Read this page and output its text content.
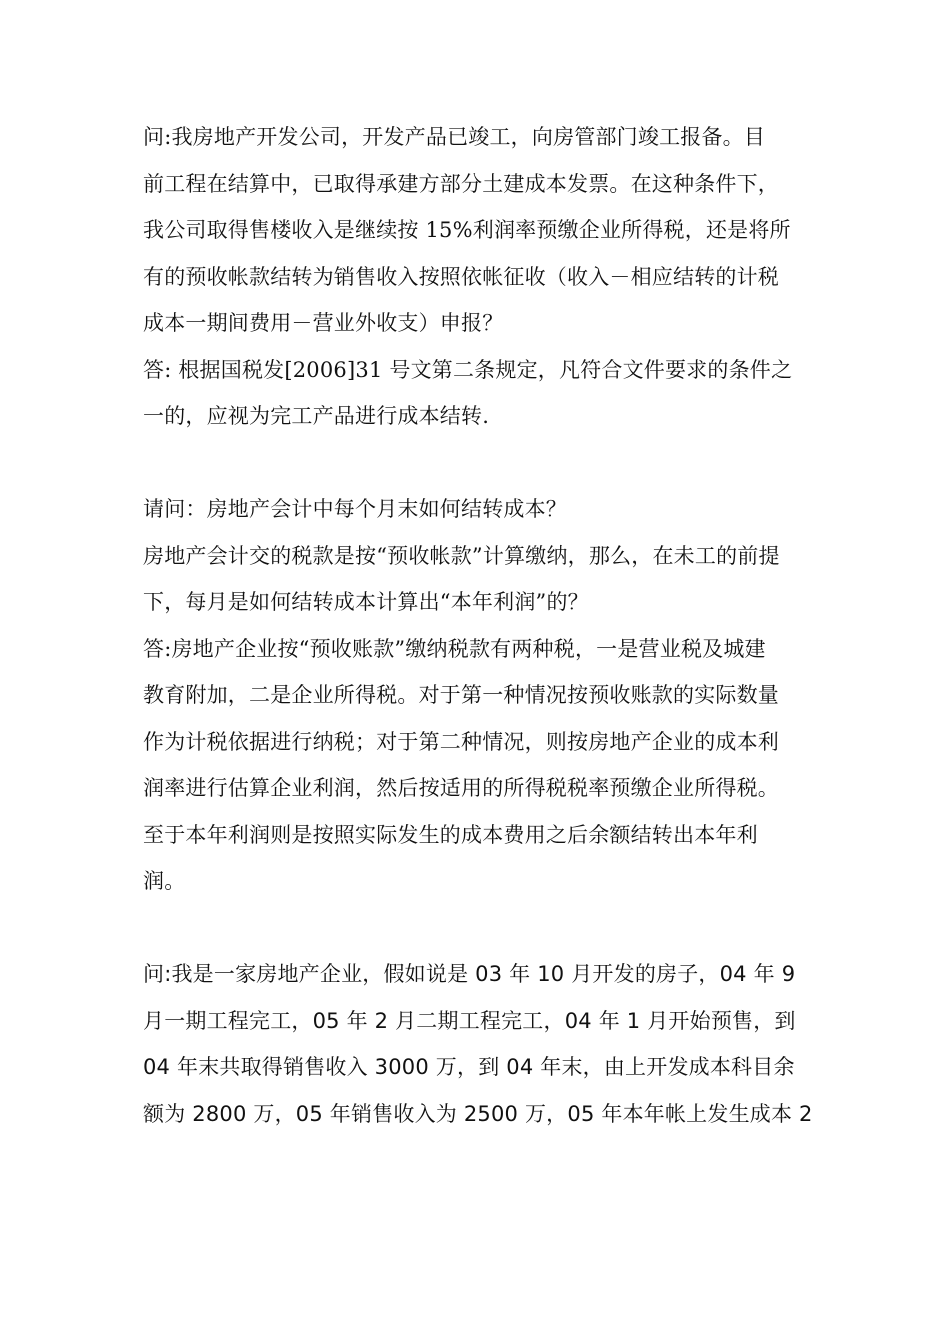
问:我房地产开发公司，开发产品已竣工，向房管部门竣工报备。目
前工程在结算中，已取得承建方部分土建成本发票。在这种条件下，
我公司取得售楼收入是继续按 15%利润率预缴企业所得税，还是将所
有的预收帐款结转为销售收入按照依帐征收（收入－相应结转的计税
成本一期间费用－营业外收支）申报？
答: 根据国税发[2006]31 号文第二条规定，凡符合文件要求的条件之
一的，应视为完工产品进行成本结转.
请问：房地产会计中每个月末如何结转成本？
房地产会计交的税款是按“预收帐款”计算缴纳，那么，在未工的前提
下，每月是如何结转成本计算出“本年利润”的？
答:房地产企业按“预收账款”缴纳税款有两种税，一是营业税及城建
教育附加，二是企业所得税。对于第一种情况按预收账款的实际数量
作为计税依据进行纳税；对于第二种情况，则按房地产企业的成本利
润率进行估算企业利润，然后按适用的所得税税率预缴企业所得税。
至于本年利润则是按照实际发生的成本费用之后余额结转出本年利
润。
问:我是一家房地产企业，假如说是 03 年 10 月开发的房子，04 年 9
月一期工程完工，05 年 2 月二期工程完工，04 年 1 月开始预售，到
04 年末共取得销售收入 3000 万，到 04 年末，由上开发成本科目余
额为 2800 万，05 年销售收入为 2500 万，05 年本年帐上发生成本 2
